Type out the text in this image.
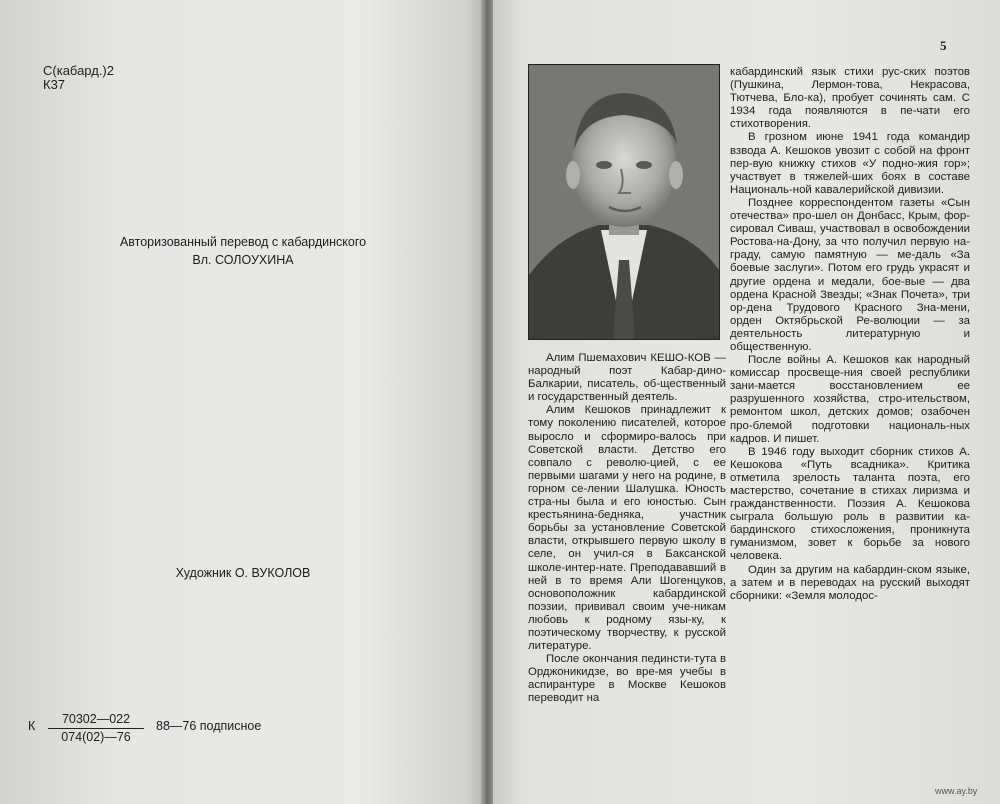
С(кабард.)2
К37
Авторизованный перевод с кабардинского
Вл. СОЛОУХИНА
Художник О. ВУКОЛОВ
К	70302—022
074(02)—76
88—76 подписное
5

Алим Пшемахович КЕШО-КОВ — народный поэт Кабар-дино-Балкарии, писатель, об-щественный и государственный деятель.

Алим Кешоков принадлежит к тому поколению писателей, которое выросло и сформиро-валось при Советской власти. Детство его совпало с револю-цией, с ее первыми шагами у него на родине, в горном се-лении Шалушка. Юность стра-ны была и его юностью. Сын крестьянина-бедняка, участник борьбы за установление Советской власти, открывшего первую школу в селе, он учил-ся в Баксанской школе-интер-нате. Преподававший в ней в то время Али Шогенцуков, основоположник кабардинской поэзии, прививал своим уче-никам любовь к родному язы-ку, к поэтическому творчеству, к русской литературе.

После окончания пединсти-тута в Орджоникидзе, во вре-мя учебы в аспирантуре в Москве Кешоков переводит на

кабардинский язык стихи рус-ских поэтов (Пушкина, Лермон-това, Некрасова, Тютчева, Бло-ка), пробует сочинять сам. С 1934 года появляются в пе-чати его стихотворения.

В грозном июне 1941 года командир взвода А. Кешоков увозит с собой на фронт пер-вую книжку стихов «У подно-жия гор»; участвует в тяжелей-ших боях в составе Националь-ной кавалерийской дивизии.

Позднее корреспондентом газеты «Сын отечества» про-шел он Донбасс, Крым, фор-сировал Сиваш, участвовал в освобождении Ростова-на-Дону, за что получил первую на-граду, самую памятную — ме-даль «За боевые заслуги». Потом его грудь украсят и другие ордена и медали, бое-вые — два ордена Красной Звезды; «Знак Почета», три ор-дена Трудового Красного Зна-мени, орден Октябрьской Ре-волюции — за деятельность литературную и общественную.

После войны А. Кешоков как народный комиссар просвеще-ния своей республики зани-мается восстановлением ее разрушенного хозяйства, стро-ительством, ремонтом школ, детских домов; озабочен про-блемой подготовки националь-ных кадров. И пишет.

В 1946 году выходит сборник стихов А. Кешокова «Путь всадника». Критика отметила зрелость таланта поэта, его мастерство, сочетание в стихах лиризма и гражданственности. Поэзия А. Кешокова сыграла большую роль в развитии ка-бардинского стихосложения, проникнута гуманизмом, зовет к борьбе за нового человека.

Один за другим на кабардин-ском языке, а затем и в переводах на русский выходят сборники: «Земля молодос-

www.ay.by
